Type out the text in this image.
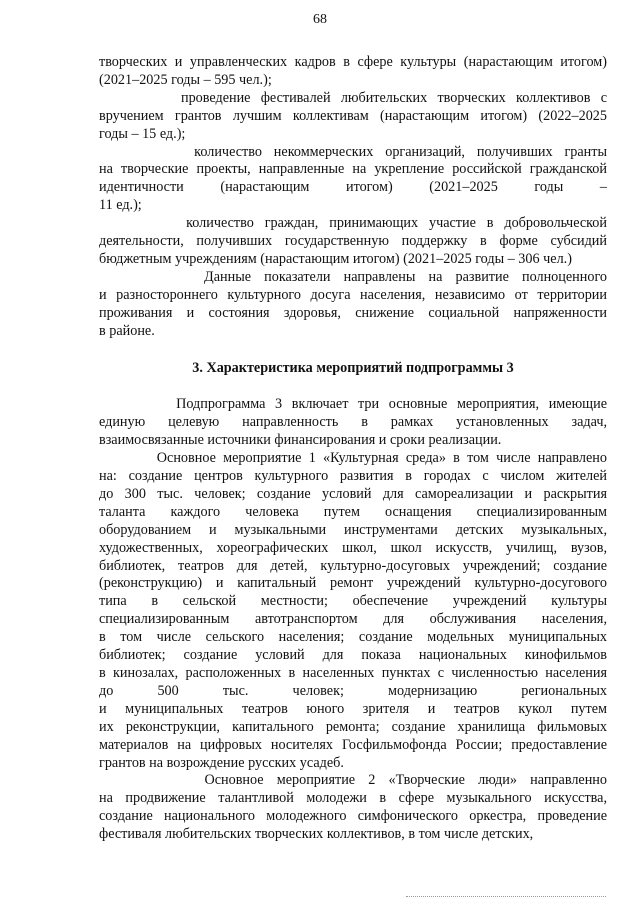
68
творческих и управленческих кадров в сфере культуры (нарастающим итогом)
(2021–2025 годы – 595 чел.);
проведение фестивалей любительских творческих коллективов с
вручением грантов лучшим коллективам (нарастающим итогом) (2022–2025
годы – 15 ед.);
количество некоммерческих организаций, получивших гранты
на творческие проекты, направленные на укрепление российской гражданской
идентичности (нарастающим итогом) (2021–2025 годы –
11 ед.);
количество граждан, принимающих участие в добровольческой
деятельности, получивших государственную поддержку в форме субсидий
бюджетным учреждениям (нарастающим итогом) (2021–2025 годы – 306 чел.)
Данные показатели направлены на развитие полноценного
и разностороннего культурного досуга населения, независимо от территории
проживания и состояния здоровья, снижение социальной напряженности
в районе.
3. Характеристика мероприятий подпрограммы 3
Подпрограмма 3 включает три основные мероприятия, имеющие
единую целевую направленность в рамках установленных задач,
взаимосвязанные источники финансирования и сроки реализации.
Основное мероприятие 1 «Культурная среда» в том числе направлено
на: создание центров культурного развития в городах с числом жителей
до 300 тыс. человек; создание условий для самореализации и раскрытия
таланта каждого человека путем оснащения специализированным
оборудованием и музыкальными инструментами детских музыкальных,
художественных, хореографических школ, школ искусств, училищ, вузов,
библиотек, театров для детей, культурно-досуговых учреждений; создание
(реконструкцию) и капитальный ремонт учреждений культурно-досугового
типа в сельской местности; обеспечение учреждений культуры
специализированным автотранспортом для обслуживания населения,
в том числе сельского населения; создание модельных муниципальных
библиотек; создание условий для показа национальных кинофильмов
в кинозалах, расположенных в населенных пунктах с численностью населения
до 500 тыс. человек; модернизацию региональных
и муниципальных театров юного зрителя и театров кукол путем
их реконструкции, капитального ремонта; создание хранилища фильмовых
материалов на цифровых носителях Госфильмофонда России; предоставление
грантов на возрождение русских усадеб.
Основное мероприятие 2 «Творческие люди» направленно
на продвижение талантливой молодежи в сфере музыкального искусства,
создание национального молодежного симфонического оркестра, проведение
фестиваля любительских творческих коллективов, в том числе детских,
